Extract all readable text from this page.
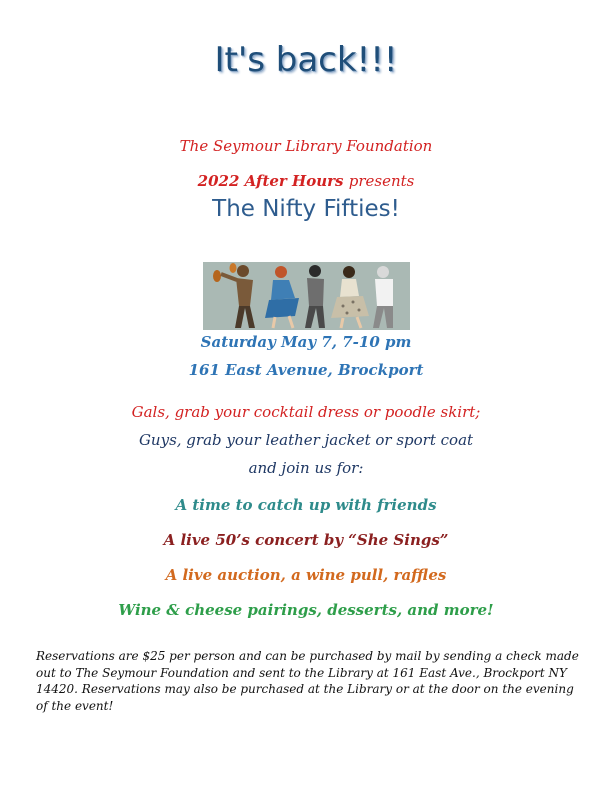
It's back!!!
The Seymour Library Foundation
2022 After Hours presents
The Nifty Fifties!
Saturday May 7, 7-10 pm
161 East Avenue, Brockport
Gals, grab your cocktail dress or poodle skirt;
Guys, grab your leather jacket or sport coat
and join us for:
A time to catch up with friends
A live 50’s concert by “She Sings”
A live auction, a wine pull, raffles
Wine & cheese pairings, desserts, and more!
Reservations are $25 per person and can be purchased by mail by sending a check made out to The Seymour Foundation and sent to the Library at 161 East Ave., Brockport NY 14420. Reservations may also be purchased at the Library or at the door on the evening of the event!
